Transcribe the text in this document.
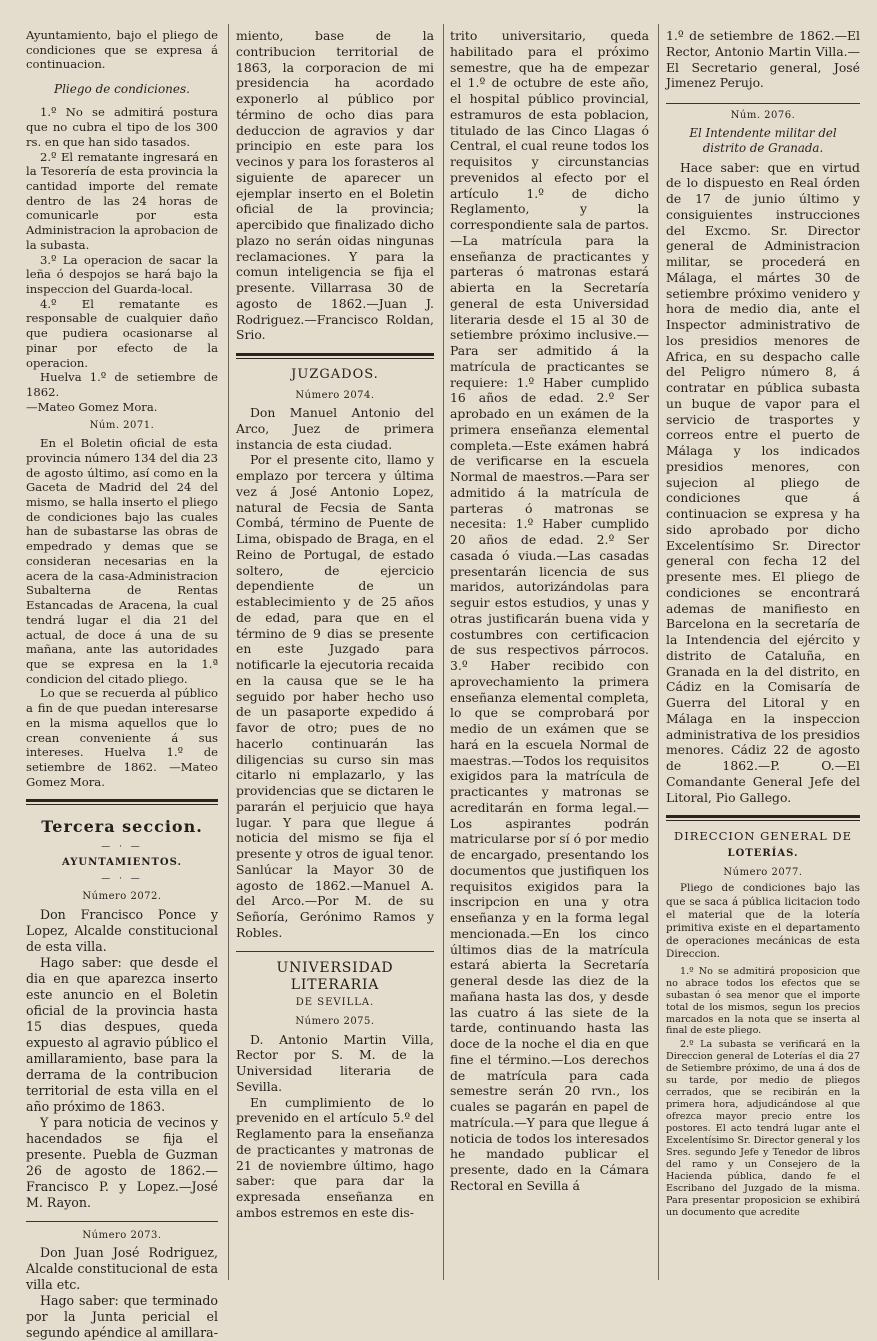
Ayuntamiento, bajo el pliego de condiciones que se expresa á continuacion.

Pliego de condiciones.

1.º No se admitirá postura que no cubra el tipo de los 300 rs. en que han sido tasados.

2.º El rematante ingresará en la Tesorería de esta provincia la cantidad importe del remate dentro de las 24 horas de comunicarle por esta Administracion la aprobacion de la subasta.

3.º La operacion de sacar la leña ó despojos se hará bajo la inspeccion del Guarda-local.

4.º El rematante es responsable de cualquier daño que pudiera ocasionarse al pinar por efecto de la operacion.

Huelva 1.º de setiembre de 1862.

—Mateo Gomez Mora.

Núm. 2071.

En el Boletin oficial de esta provincia número 134 del dia 23 de agosto último, así como en la Gaceta de Madrid del 24 del mismo, se halla inserto el pliego de condiciones bajo las cuales han de subastarse las obras de empedrado y demas que se consideran necesarias en la acera de la casa-Administracion Subalterna de Rentas Estancadas de Aracena, la cual tendrá lugar el dia 21 del actual, de doce á una de su mañana, ante las autoridades que se expresa en la 1.ª condicion del citado pliego.

Lo que se recuerda al público a fin de que puedan interesarse en la misma aquellos que lo crean conveniente á sus intereses. Huelva 1.º de setiembre de 1862. —Mateo Gomez Mora.

Tercera seccion.

— · —

AYUNTAMIENTOS.

— · —

Número 2072.

Don Francisco Ponce y Lopez, Alcalde constitucional de esta villa.

Hago saber: que desde el dia en que aparezca inserto este anuncio en el Boletin oficial de la provincia hasta 15 dias despues, queda expuesto al agravio público el amillaramiento, base para la derrama de la contribucion territorial de esta villa en el año próximo de 1863.

Y para noticia de vecinos y hacendados se fija el presente. Puebla de Guzman 26 de agosto de 1862.—Francisco P. y Lopez.—José M. Rayon.

Número 2073.

Don Juan José Rodriguez, Alcalde constitucional de esta villa etc.

Hago saber: que terminado por la Junta pericial el segundo apéndice al amillara-

miento, base de la contribucion territorial de 1863, la corporacion de mi presidencia ha acordado exponerlo al público por término de ocho dias para deduccion de agravios y dar principio en este para los vecinos y para los forasteros al siguiente de aparecer un ejemplar inserto en el Boletin oficial de la provincia; apercibido que finalizado dicho plazo no serán oidas ningunas reclamaciones. Y para la comun inteligencia se fija el presente. Villarrasa 30 de agosto de 1862.—Juan J. Rodriguez.—Francisco Roldan, Srio.

JUZGADOS.

Número 2074.

Don Manuel Antonio del Arco, Juez de primera instancia de esta ciudad.

Por el presente cito, llamo y emplazo por tercera y última vez á José Antonio Lopez, natural de Fecsia de Santa Combá, término de Puente de Lima, obispado de Braga, en el Reino de Portugal, de estado soltero, de ejercicio dependiente de un establecimiento y de 25 años de edad, para que en el término de 9 dias se presente en este Juzgado para notificarle la ejecutoria recaida en la causa que se le ha seguido por haber hecho uso de un pasaporte expedido á favor de otro; pues de no hacerlo continuarán las diligencias su curso sin mas citarlo ni emplazarlo, y las providencias que se dictaren le pararán el perjuicio que haya lugar. Y para que llegue á noticia del mismo se fija el presente y otros de igual tenor. Sanlúcar la Mayor 30 de agosto de 1862.—Manuel A. del Arco.—Por M. de su Señoría, Gerónimo Ramos y Robles.

UNIVERSIDAD LITERARIA

DE SEVILLA.

Número 2075.

D. Antonio Martin Villa, Rector por S. M. de la Universidad literaria de Sevilla.

En cumplimiento de lo prevenido en el artículo 5.º del Reglamento para la enseñanza de practicantes y matronas de 21 de noviembre último, hago saber: que para dar la expresada enseñanza en ambos estremos en este dis-

trito universitario, queda habilitado para el próximo semestre, que ha de empezar el 1.º de octubre de este año, el hospital público provincial, estramuros de esta poblacion, titulado de las Cinco Llagas ó Central, el cual reune todos los requisitos y circunstancias prevenidos al efecto por el artículo 1.º de dicho Reglamento, y la correspondiente sala de partos.—La matrícula para la enseñanza de practicantes y parteras ó matronas estará abierta en la Secretaría general de esta Universidad literaria desde el 15 al 30 de setiembre próximo inclusive.—Para ser admitido á la matrícula de practicantes se requiere: 1.º Haber cumplido 16 años de edad. 2.º Ser aprobado en un exámen de la primera enseñanza elemental completa.—Este exámen habrá de verificarse en la escuela Normal de maestros.—Para ser admitido á la matrícula de parteras ó matronas se necesita: 1.º Haber cumplido 20 años de edad. 2.º Ser casada ó viuda.—Las casadas presentarán licencia de sus maridos, autorizándolas para seguir estos estudios, y unas y otras justificarán buena vida y costumbres con certificacion de sus respectivos párrocos. 3.º Haber recibido con aprovechamiento la primera enseñanza elemental completa, lo que se comprobará por medio de un exámen que se hará en la escuela Normal de maestras.—Todos los requisitos exigidos para la matrícula de practicantes y matronas se acreditarán en forma legal.—Los aspirantes podrán matricularse por sí ó por medio de encargado, presentando los documentos que justifiquen los requisitos exigidos para la inscripcion en una y otra enseñanza y en la forma legal mencionada.—En los cinco últimos dias de la matrícula estará abierta la Secretaría general desde las diez de la mañana hasta las dos, y desde las cuatro á las siete de la tarde, continuando hasta las doce de la noche el dia en que fine el término.—Los derechos de matrícula para cada semestre serán 20 rvn., los cuales se pagarán en papel de matrícula.—Y para que llegue á noticia de todos los interesados he mandado publicar el presente, dado en la Cámara Rectoral en Sevilla á

1.º de setiembre de 1862.—El Rector, Antonio Martin Villa.—El Secretario general, José Jimenez Perujo.

Núm. 2076.

El Intendente militar del distrito de Granada.

Hace saber: que en virtud de lo dispuesto en Real órden de 17 de junio último y consiguientes instrucciones del Excmo. Sr. Director general de Administracion militar, se procederá en Málaga, el mártes 30 de setiembre próximo venidero y hora de medio dia, ante el Inspector administrativo de los presidios menores de Africa, en su despacho calle del Peligro número 8, á contratar en pública subasta un buque de vapor para el servicio de trasportes y correos entre el puerto de Málaga y los indicados presidios menores, con sujecion al pliego de condiciones que á continuacion se expresa y ha sido aprobado por dicho Excelentísimo Sr. Director general con fecha 12 del presente mes. El pliego de condiciones se encontrará ademas de manifiesto en Barcelona en la secretaría de la Intendencia del ejército y distrito de Cataluña, en Granada en la del distrito, en Cádiz en la Comisaría de Guerra del Litoral y en Málaga en la inspeccion administrativa de los presidios menores. Cádiz 22 de agosto de 1862.—P. O.—El Comandante General Jefe del Litoral, Pio Gallego.

DIRECCION GENERAL DE

LOTERÍAS.

Número 2077.

Pliego de condiciones bajo las que se saca á pública licitacion todo el material que de la lotería primitiva existe en el departamento de operaciones mecánicas de esta Direccion.

1.º No se admitirá proposicion que no abrace todos los efectos que se subastan ó sea menor que el importe total de los mismos, segun los precios marcados en la nota que se inserta al final de este pliego.

2.º La subasta se verificará en la Direccion general de Loterías el dia 27 de Setiembre próximo, de una á dos de su tarde, por medio de pliegos cerrados, que se recibirán en la primera hora, adjudicándose al que ofrezca mayor precio entre los postores. El acto tendrá lugar ante el Excelentísimo Sr. Director general y los Sres. segundo Jefe y Tenedor de libros del ramo y un Consejero de la Hacienda pública, dando fe el Escribano del Juzgado de la misma. Para presentar proposicion se exhibirá un documento que acredite
